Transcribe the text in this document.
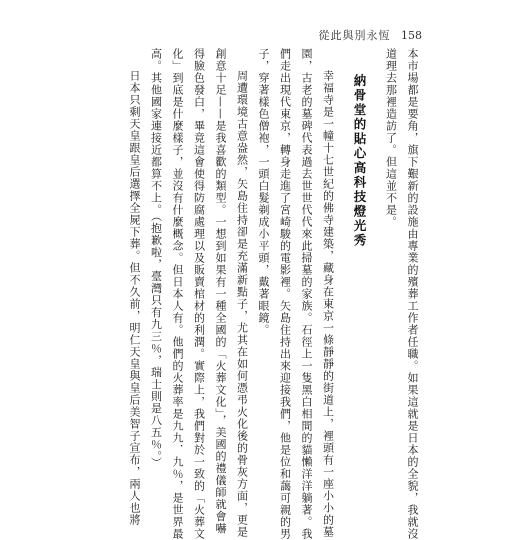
從此與別永恆 158
本市場都是要角，旗下艱新的設施由專業的殯葬工作者任職。如果這就是日本的全貌，我就沒
道理去那裡造訪了。但這並不是。
納骨堂的貼心高科技燈光秀
幸福寺是一幢十七世紀的佛寺建築，藏身在東京一條靜靜的街道上，裡頭有一座小小的墓
園，古老的墓碑代表過去世世代代來此掃墓的家族。石徑上一隻黑白相間的貓懶洋洋躺著。我
們走出現代東京，轉身走進了宮崎駿的電影裡。矢島住持出來迎接我們，他是位和藹可親的男
子，穿著樣色僧袍，一頭白髮剃成小平頭，戴著眼鏡。
周遭環境古意盎然，矢島住持卻是充滿新點子，尤其在如何憑弔火化後的骨灰方面，更是
創意十足——是我喜歡的類型。一想到如果有一種全國的「火葬文化」，美國的禮儀師就會嚇
得臉色發白，畢竟這會使得防腐處理以及販賣棺材的利潤。實際上，我們對於一致的「火葬文
化」到底是什麼樣子，並沒有什麼概念。但日本人有。他們的火葬率是九九．九％，是世界最
高。其他國家連接近都算不上。（抱歉啦，臺灣只有九三％，瑞士則是八五％。）
日本只剩天皇跟皇后選擇全屍下葬。但不久前，明仁天皇與皇后美智子宣布，兩人也將
